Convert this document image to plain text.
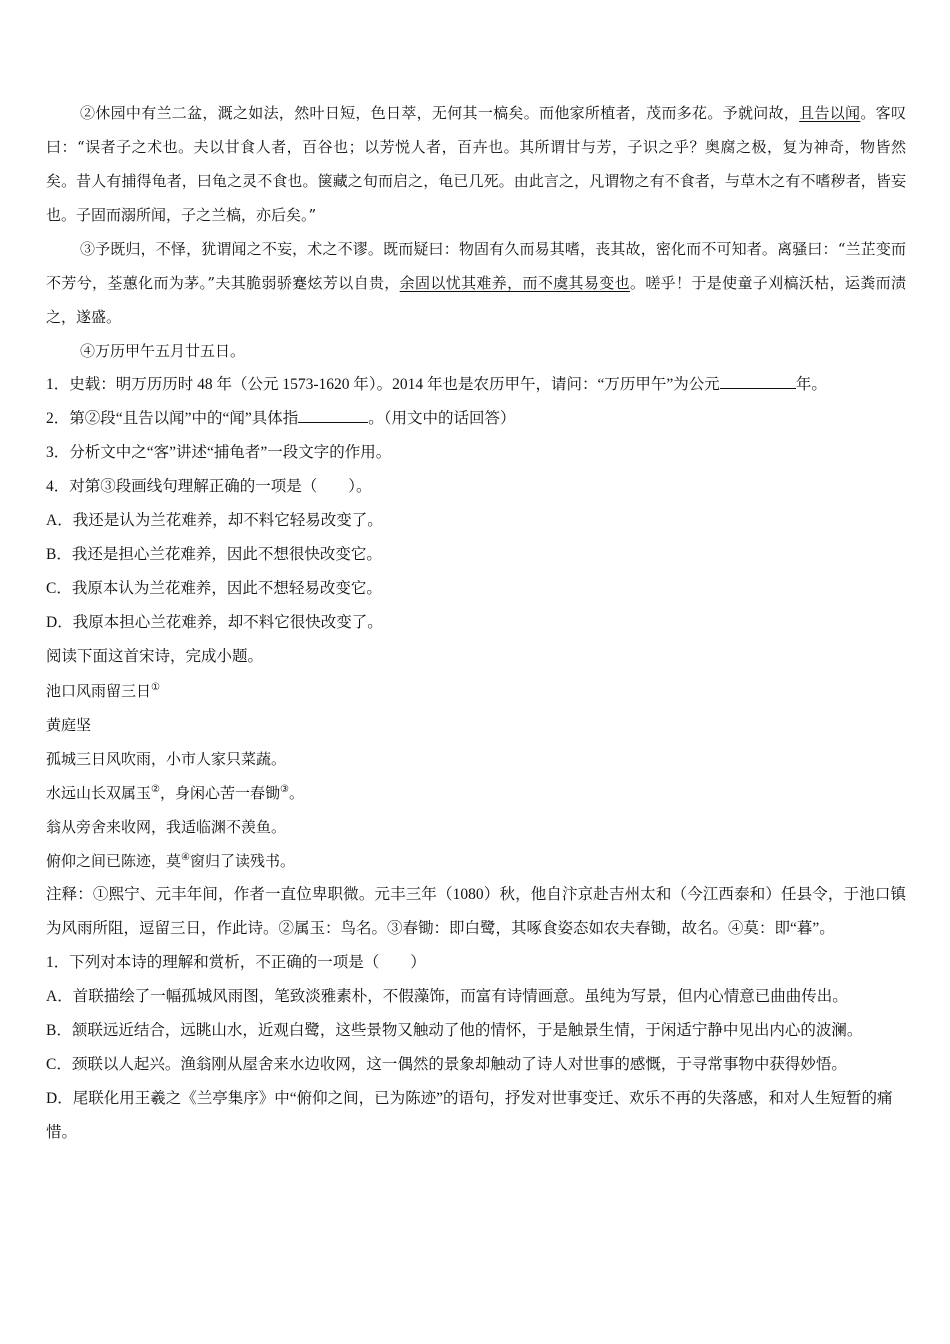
②休园中有兰二盆，溉之如法，然叶日短，色日萃，无何其一槁矣。而他家所植者，茂而多花。予就问故，且告以闻。客叹曰：“误者子之术也。夫以甘食人者，百谷也；以芳悦人者，百卉也。其所谓甘与芳，子识之乎？奥腐之极，复为神奇，物皆然矣。昔人有捕得龟者，曰龟之灵不食也。箧藏之旬而启之，龟已几死。由此言之，凡谓物之有不食者，与草木之有不嗜秽者，皆妄也。子固而溺所闻，子之兰槁，亦后矣。”

③予既归，不怿，犹谓闻之不妄，术之不谬。既而疑曰：物固有久而易其嗜，丧其故，密化而不可知者。离骚曰：“兰芷变而不芳兮，荃蕙化而为茅。”夫其脆弱骄蹇炫芳以自贵，余固以忧其难养，而不虞其易变也。嗟乎！于是使童子刈槁沃枯，运粪而渍之，遂盛。

④万历甲午五月廿五日。

1．史载：明万历历时 48 年（公元 1573-1620 年）。2014 年也是农历甲午，请问：“万历甲午”为公元	年。

2．第②段“且告以闻”中的“闻”具体指	。（用文中的话回答）

3．分析文中之“客”讲述“捕龟者”一段文字的作用。

4．对第③段画线句理解正确的一项是（　　）。

A．我还是认为兰花难养，却不料它轻易改变了。

B．我还是担心兰花难养，因此不想很快改变它。

C．我原本认为兰花难养，因此不想轻易改变它。

D．我原本担心兰花难养，却不料它很快改变了。

阅读下面这首宋诗，完成小题。

池口风雨留三日①

黄庭坚

孤城三日风吹雨，小市人家只菜蔬。

水远山长双属玉②，身闲心苦一春锄③。

翁从旁舍来收网，我适临渊不羡鱼。

俯仰之间已陈迹，莫④窗归了读残书。

注释：①熙宁、元丰年间，作者一直位卑职微。元丰三年（1080）秋，他自汴京赴吉州太和（今江西泰和）任县令，于池口镇为风雨所阻，逗留三日，作此诗。②属玉：鸟名。③春锄：即白鹭，其啄食姿态如农夫春锄，故名。④莫：即“暮”。

1．下列对本诗的理解和赏析，不正确的一项是（　　）

A．首联描绘了一幅孤城风雨图，笔致淡雅素朴，不假藻饰，而富有诗情画意。虽纯为写景，但内心情意已曲曲传出。

B．颔联远近结合，远眺山水，近观白鹭，这些景物又触动了他的情怀，于是触景生情，于闲适宁静中见出内心的波澜。

C．颈联以人起兴。渔翁刚从屋舍来水边收网，这一偶然的景象却触动了诗人对世事的感慨，于寻常事物中获得妙悟。

D．尾联化用王羲之《兰亭集序》中“俯仰之间，已为陈迹”的语句，抒发对世事变迁、欢乐不再的失落感，和对人生短暂的痛惜。
